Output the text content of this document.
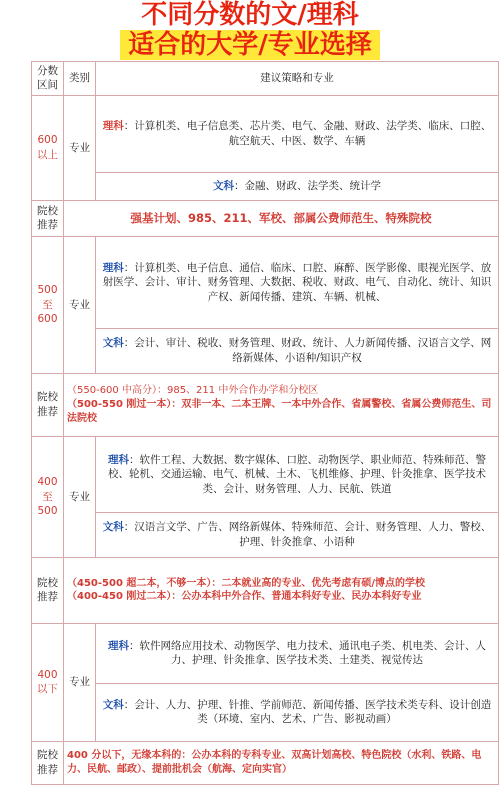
不同分数的文/理科
适合的大学/专业选择
分数区间	类别	建议策略和专业
600 以上	专业	理科：计算机类、电子信息类、芯片类、电气、金融、财政、法学类、临床、口腔、航空航天、中医、数学、车辆
		文科：金融、财政、法学类、统计学
院校推荐	强基计划、985、211、军校、部属公费师范生、特殊院校	
500 至 600	专业	理科：计算机类、电子信息、通信、临床、口腔、麻醉、医学影像、眼视光医学、放射医学、会计、审计、财务管理、大数据、税收、财政、电气、自动化、统计、知识产权、新闻传播、建筑、车辆、机械、
		文科：会计、审计、税收、财务管理、财政、统计、人力新闻传播、汉语言文学、网络新媒体、小语种/知识产权
院校推荐	（550-600 中高分）：985、211 中外合作办学和分校区
（500-550 刚过一本）：双非一本、二本王牌、一本中外合作、省属警校、省属公费师范生、司法院校	
400 至 500	专业	理科：软件工程、大数据、数字媒体、口腔、动物医学、职业师范、特殊师范、警校、轮机、交通运输、电气、机械、土木、飞机维修、护理、针灸推拿、医学技术类、会计、财务管理、人力、民航、铁道
		文科：汉语言文学、广告、网络新媒体、特殊师范、会计、财务管理、人力、警校、护理、针灸推拿、小语种
院校推荐	（450-500 超二本，不够一本）：二本就业高的专业、优先考虑有硕/博点的学校
（400-450 刚过二本）：公办本科中外合作、普通本科好专业、民办本科好专业	
400 以下	专业	理科：软件网络应用技术、动物医学、电力技术、通讯电子类、机电类、会计、人力、护理、针灸推拿、医学技术类、土建类、视觉传达
		文科：会计、人力、护理、针推、学前师范、新闻传播、医学技术类专科、设计创造类（环境、室内、艺术、广告、影视动画）
院校推荐	400 分以下，无缘本科的：公办本科的专科专业、双高计划高校、特色院校（水利、铁路、电力、民航、邮政）、提前批机会（航海、定向实官）	
